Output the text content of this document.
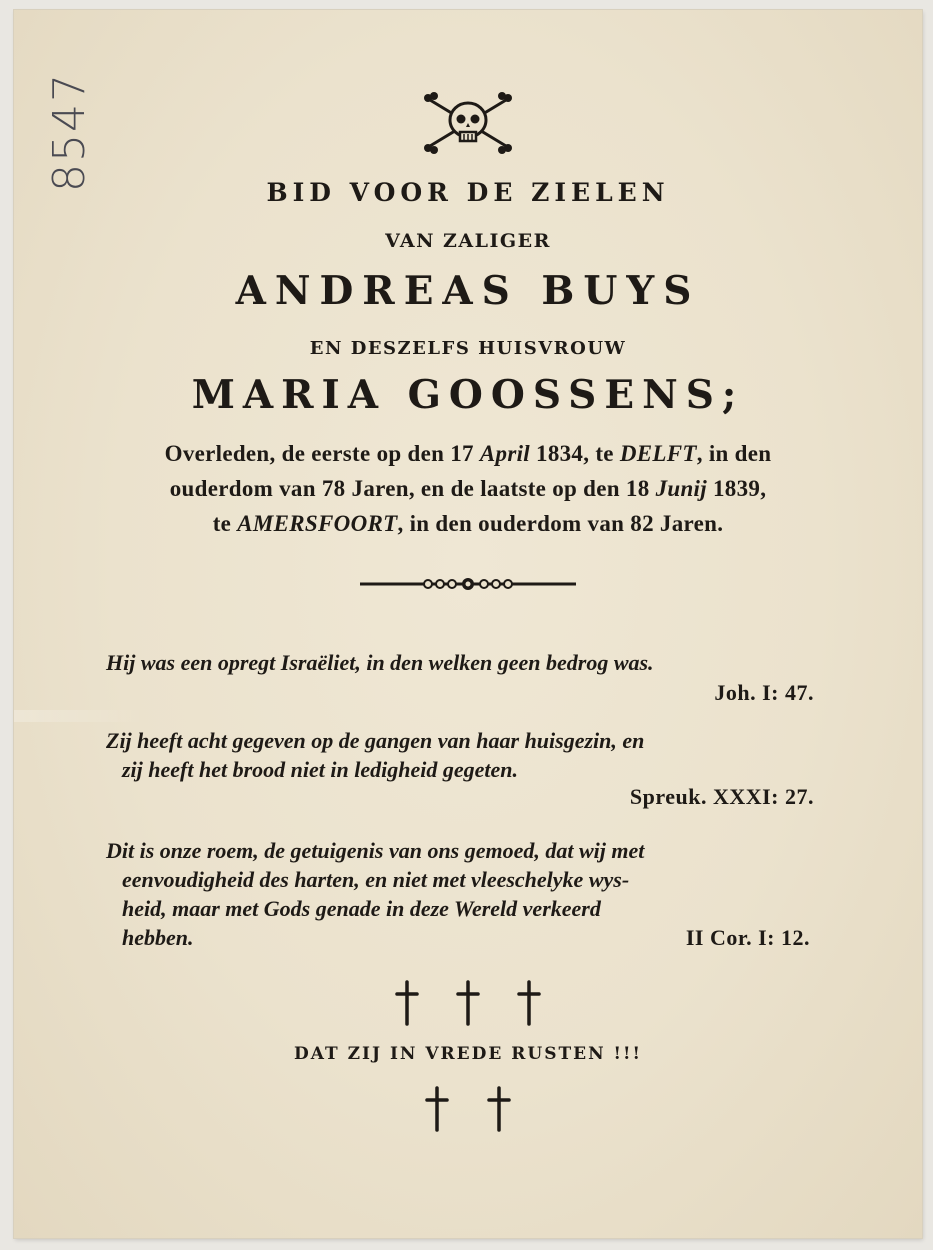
8547
BID VOOR DE ZIELEN
VAN ZALIGER
ANDREAS BUYS
EN DESZELFS HUISVROUW
MARIA GOOSSENS;
Overleden, de eerste op den 17 April 1834, te DELFT, in den
ouderdom van 78 Jaren, en de laatste op den 18 Junij 1839,
te AMERSFOORT, in den ouderdom van 82 Jaren.
Hij was een opregt Israëliet, in den welken geen bedrog was.
Joh. I: 47.
Zij heeft acht gegeven op de gangen van haar huisgezin, en
zij heeft het brood niet in ledigheid gegeten.
Spreuk. XXXI: 27.
Dit is onze roem, de getuigenis van ons gemoed, dat wij met
eenvoudigheid des harten, en niet met vleeschelyke wys-
heid, maar met Gods genade in deze Wereld verkeerd
hebben.	II Cor. I: 12.

DAT ZIJ IN VREDE RUSTEN !!!
